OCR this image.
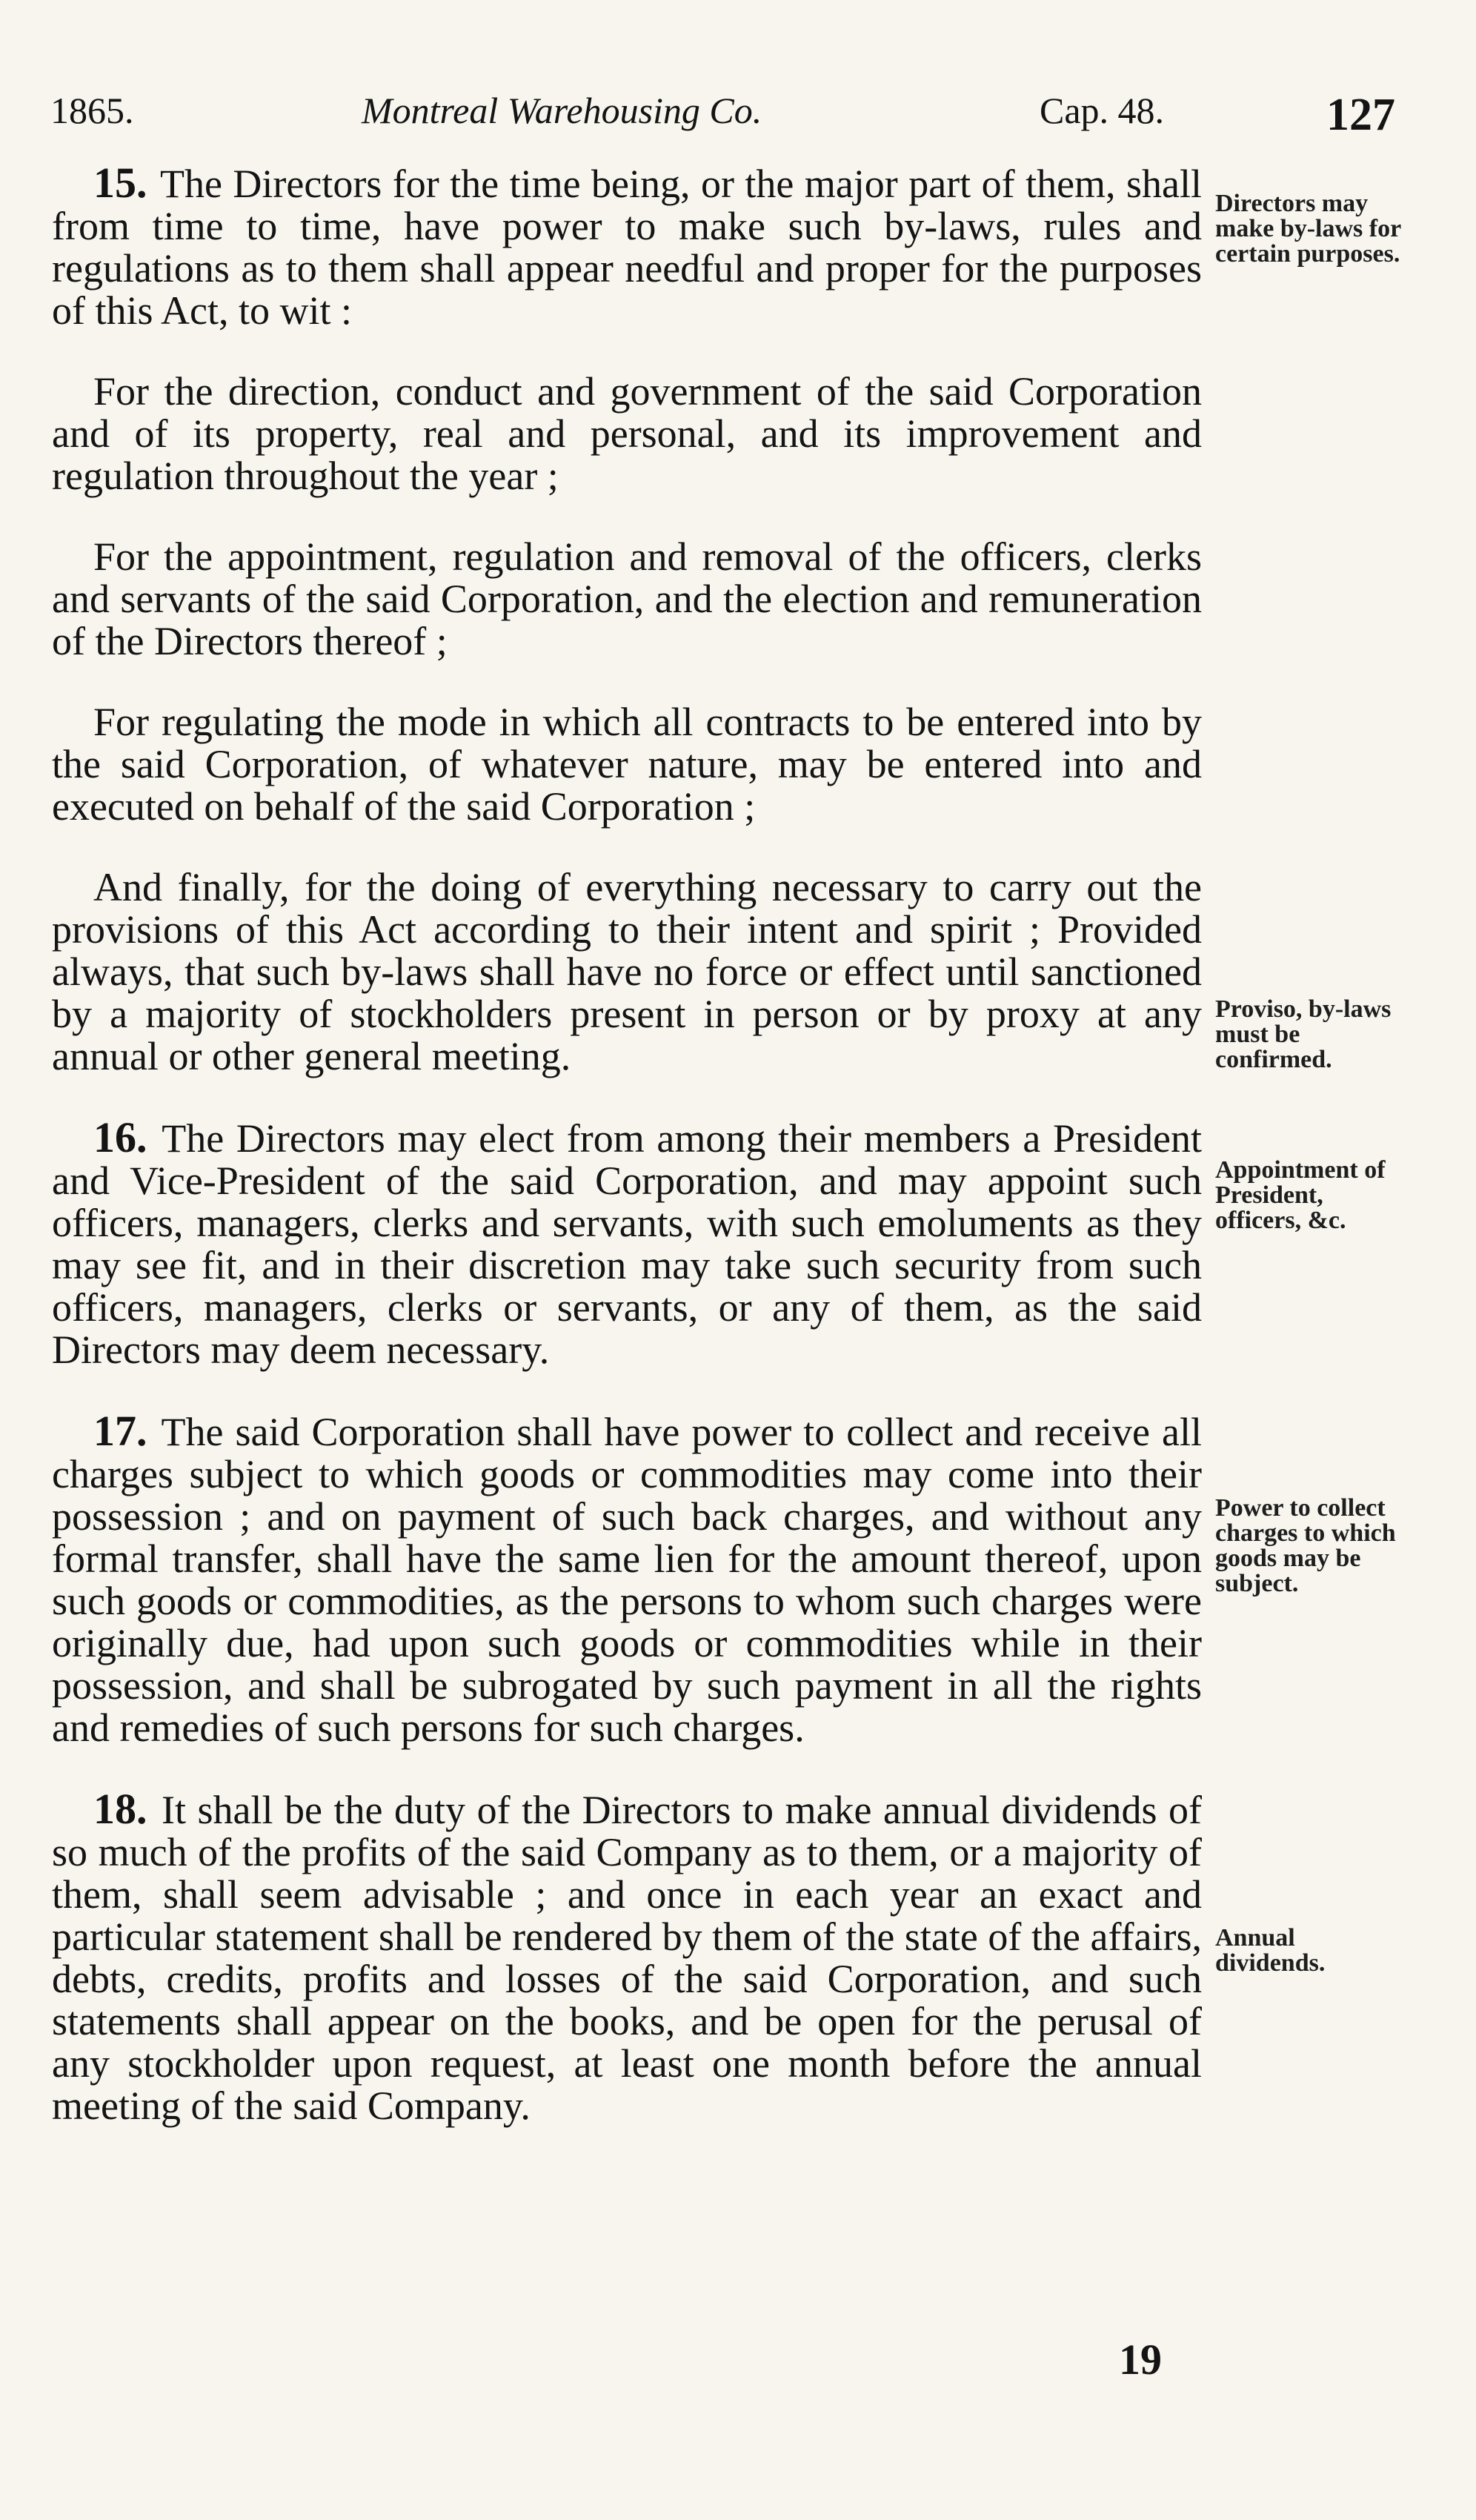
1865.	Montreal Warehousing Co.	Cap. 48.	127

15. The Directors for the time being, or the major part of them, shall from time to time, have power to make such by-laws, rules and regulations as to them shall appear needful and proper for the purposes of this Act, to wit :

For the direction, conduct and government of the said Corporation and of its property, real and personal, and its improvement and regulation throughout the year ;

For the appointment, regulation and removal of the officers, clerks and servants of the said Corporation, and the election and remuneration of the Directors thereof ;

For regulating the mode in which all contracts to be entered into by the said Corporation, of whatever nature, may be entered into and executed on behalf of the said Corporation ;

And finally, for the doing of everything necessary to carry out the provisions of this Act according to their intent and spirit ; Provided always, that such by-laws shall have no force or effect until sanctioned by a majority of stockholders present in person or by proxy at any annual or other general meeting.

16. The Directors may elect from among their members a President and Vice-President of the said Corporation, and may appoint such officers, managers, clerks and servants, with such emoluments as they may see fit, and in their discretion may take such security from such officers, managers, clerks or servants, or any of them, as the said Directors may deem necessary.

17. The said Corporation shall have power to collect and receive all charges subject to which goods or commodities may come into their possession ; and on payment of such back charges, and without any formal transfer, shall have the same lien for the amount thereof, upon such goods or commodities, as the persons to whom such charges were originally due, had upon such goods or commodities while in their possession, and shall be subrogated by such payment in all the rights and remedies of such persons for such charges.

18. It shall be the duty of the Directors to make annual dividends of so much of the profits of the said Company as to them, or a majority of them, shall seem advisable ; and once in each year an exact and particular statement shall be rendered by them of the state of the affairs, debts, credits, profits and losses of the said Corporation, and such statements shall appear on the books, and be open for the perusal of any stockholder upon request, at least one month before the annual meeting of the said Company.

Directors may make by-laws for certain purposes.
Proviso, by-laws must be confirmed.
Appointment of President, officers, &c.
Power to collect charges to which goods may be subject.
Annual dividends.
19
